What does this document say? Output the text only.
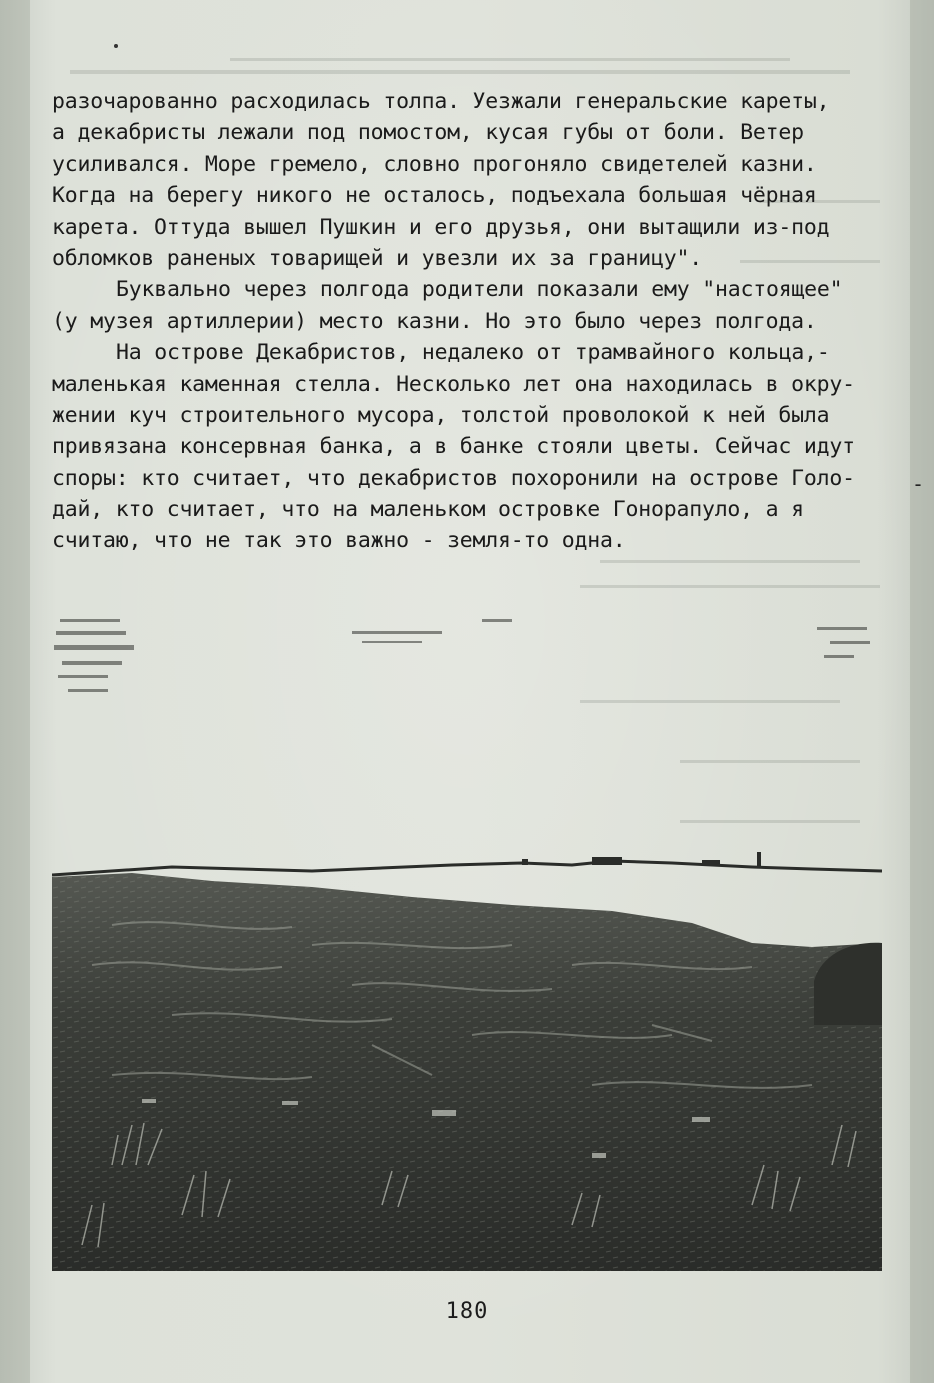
разочарованно расходилась толпа. Уезжали генеральские кареты,
а декабристы лежали под помостом, кусая губы от боли. Ветер
усиливался. Море гремело, словно прогоняло свидетелей казни.
Когда на берегу никого не осталось, подъехала большая чёрная
карета. Оттуда вышел Пушкин и его друзья, они вытащили из-под
обломков раненых товарищей и увезли их за границу".
Буквально через полгода родители показали ему "настоящее"
(у музея артиллерии) место казни. Но это было через полгода.
На острове Декабристов, недалеко от трамвайного кольца,-
маленькая каменная стелла. Несколько лет она находилась в окру-
жении куч строительного мусора, толстой проволокой к ней была
привязана консервная банка, а в банке стояли цветы. Сейчас идут
споры: кто считает, что декабристов похоронили на острове Голо-
дай, кто считает, что на маленьком островке Гонорапуло, а я
считаю, что не так это важно - земля-то одна.
-
180
